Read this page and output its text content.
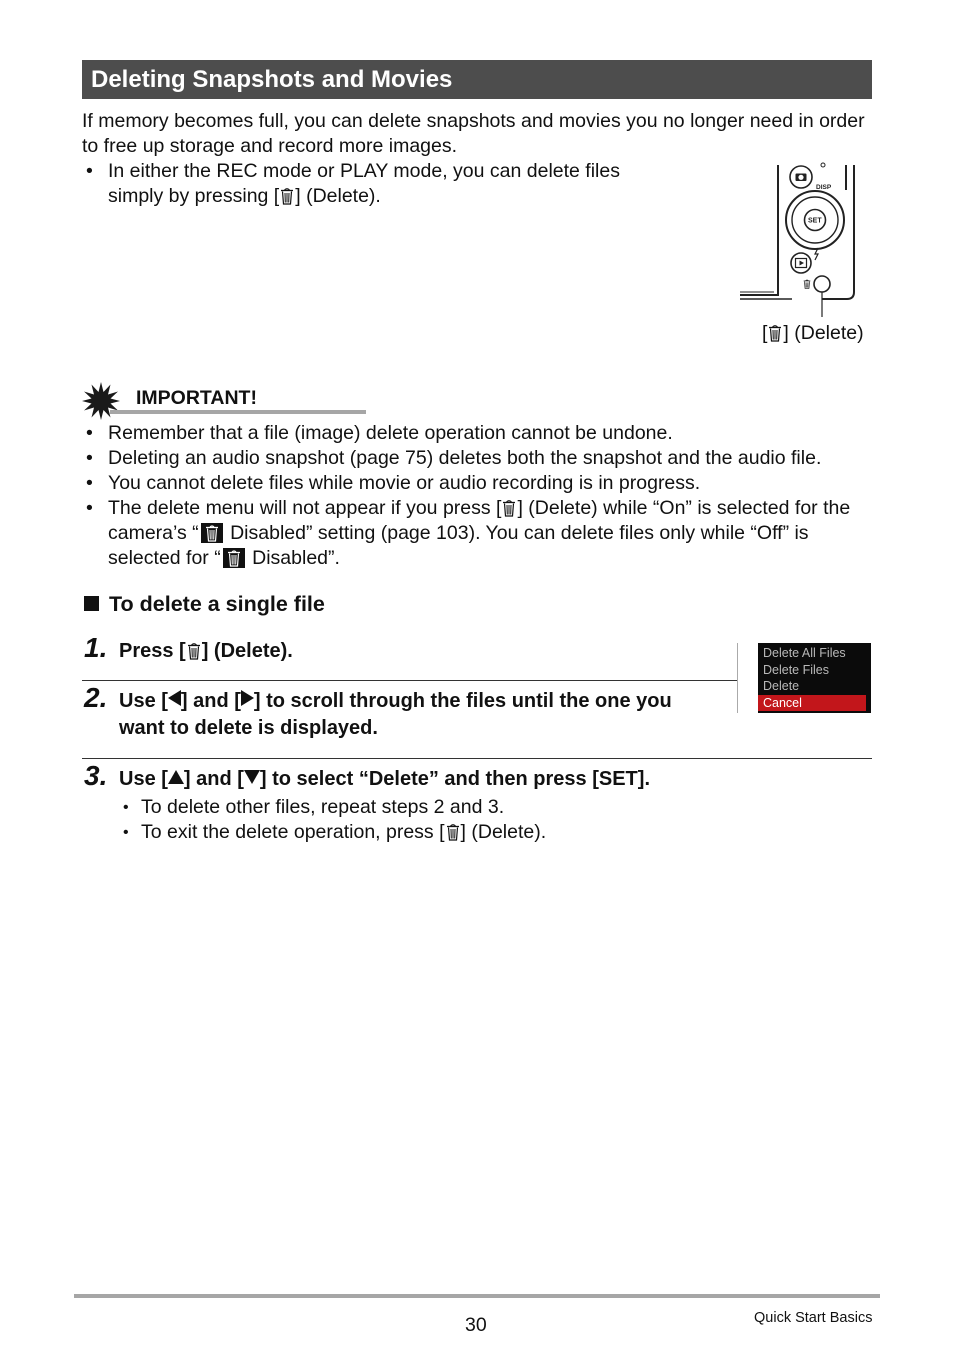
Deleting Snapshots and Movies
If memory becomes full, you can delete snapshots and movies you no longer need in order to free up storage and record more images.
• In either the REC mode or PLAY mode, you can delete files simply by pressing [ ] (Delete).	DISP
SET
[ ] (Delete)
IMPORTANT!
• Remember that a file (image) delete operation cannot be undone.
• Deleting an audio snapshot (page 75) deletes both the snapshot and the audio file.
• You cannot delete files while movie or audio recording is in progress.
• The delete menu will not appear if you press [ ] (Delete) while “On” is selected for the camera’s “ Disabled” setting (page 103). You can delete files only while “Off” is selected for “ Disabled”.
To delete a single file
1. Press [ ] (Delete).	Delete All Files
Delete Files
Delete
Cancel
2. Use [ ] and [ ] to scroll through the files until the one you want to delete is displayed.
3. Use [ ] and [ ] to select “Delete” and then press [SET].
• To delete other files, repeat steps 2 and 3.
• To exit the delete operation, press [ ] (Delete).
30	Quick Start Basics
